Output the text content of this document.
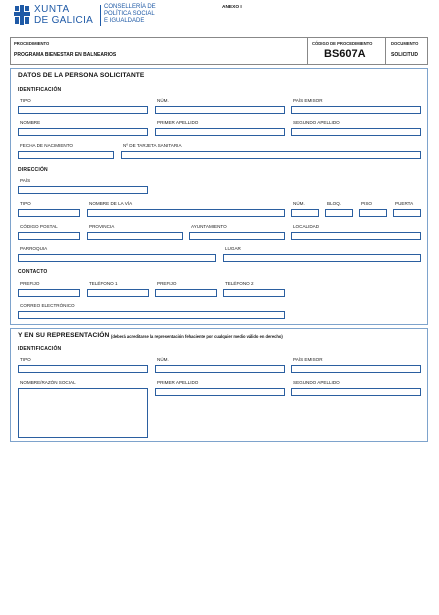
XUNTA
DE GALICIA
CONSELLERÍA DE
POLÍTICA SOCIAL
E IGUALDADE
ANEXO I
PROCEDIMIENTO
PROGRAMA BIENESTAR EN BALNEARIOS
CÓDIGO DE PROCEDIMIENTO
BS607A
DOCUMENTO
SOLICITUD
DATOS DE LA PERSONA SOLICITANTE
IDENTIFICACIÓN
TIPO	NÚM.	PAÍS EMISOR
NOMBRE	PRIMER APELLIDO	SEGUNDO APELLIDO
FECHA DE NACIMIENTO	Nº DE TARJETA SANITARIA
DIRECCIÓN
PAÍS
TIPO	NOMBRE DE LA VÍA	NÚM.	BLOQ.	PISO	PUERTA
CÓDIGO POSTAL	PROVINCIA	AYUNTAMIENTO	LOCALIDAD
PARROQUIA	LUGAR
CONTACTO
PREFIJO	TELÉFONO 1	PREFIJO	TELÉFONO 2
CORREO ELECTRÓNICO
Y EN SU REPRESENTACIÓN (deberá acreditarse la representación fehaciente por cualquier medio válido en derecho)
IDENTIFICACIÓN
TIPO	NÚM.	PAÍS EMISOR
NOMBRE/RAZÓN SOCIAL	PRIMER APELLIDO	SEGUNDO APELLIDO
